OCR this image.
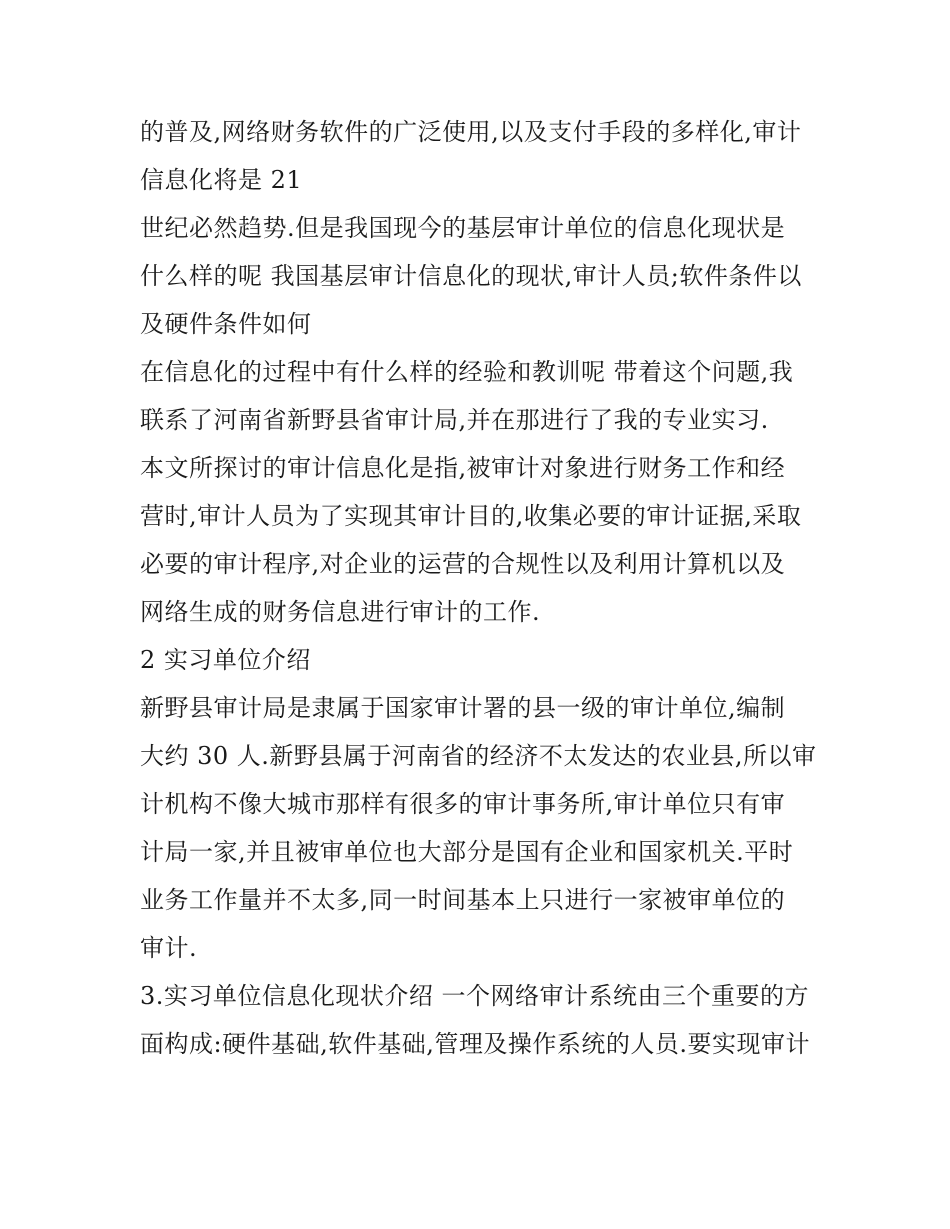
的普及,网络财务软件的广泛使用,以及支付手段的多样化,审计
信息化将是 21
世纪必然趋势.但是我国现今的基层审计单位的信息化现状是
什么样的呢 我国基层审计信息化的现状,审计人员;软件条件以
及硬件条件如何
在信息化的过程中有什么样的经验和教训呢 带着这个问题,我
联系了河南省新野县省审计局,并在那进行了我的专业实习.
本文所探讨的审计信息化是指,被审计对象进行财务工作和经
营时,审计人员为了实现其审计目的,收集必要的审计证据,采取
必要的审计程序,对企业的运营的合规性以及利用计算机以及
网络生成的财务信息进行审计的工作.
2 实习单位介绍
新野县审计局是隶属于国家审计署的县一级的审计单位,编制
大约 30 人.新野县属于河南省的经济不太发达的农业县,所以审
计机构不像大城市那样有很多的审计事务所,审计单位只有审
计局一家,并且被审单位也大部分是国有企业和国家机关.平时
业务工作量并不太多,同一时间基本上只进行一家被审单位的
审计.
3.实习单位信息化现状介绍 一个网络审计系统由三个重要的方
面构成:硬件基础,软件基础,管理及操作系统的人员.要实现审计
